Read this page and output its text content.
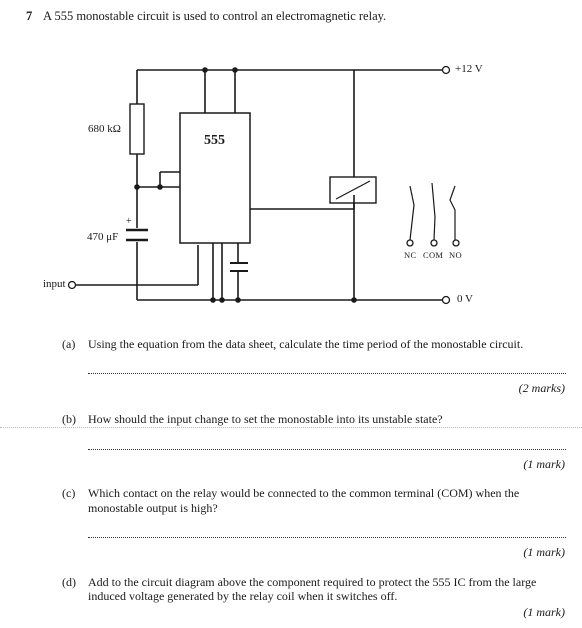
7 A 555 monostable circuit is used to control an electromagnetic relay.
+12 V
0 V
input
680 kΩ
470 μF
+
555
NC COM NO
(a) Using the equation from the data sheet, calculate the time period of the monostable circuit.
(2 marks)
(b) How should the input change to set the monostable into its unstable state?
(1 mark)
(c) Which contact on the relay would be connected to the common terminal (COM) when the
monostable output is high?
(1 mark)
(d) Add to the circuit diagram above the component required to protect the 555 IC from the large
induced voltage generated by the relay coil when it switches off.
(1 mark)
